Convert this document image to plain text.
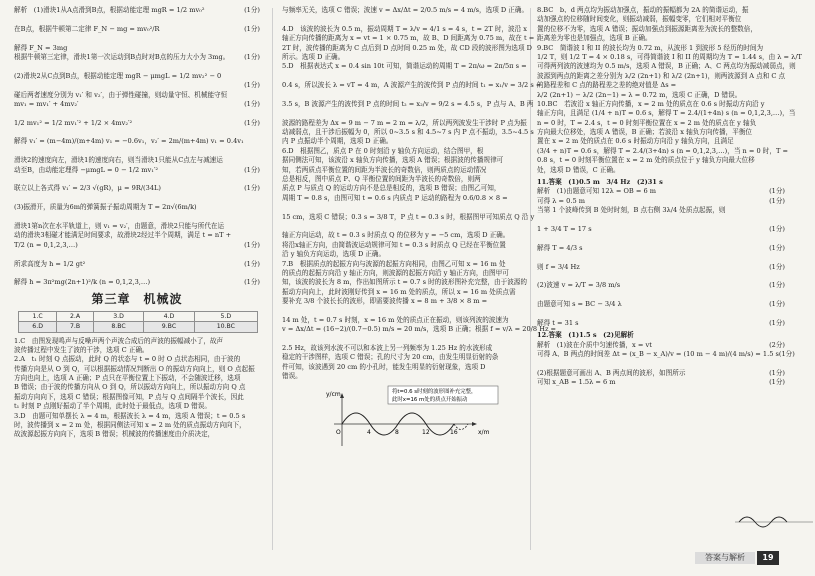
解析　(1)滑块1从A点滑到B点，根据动能定理 mgR = 1/2 mv₀²	(1分)
在B点，根据牛顿第二定律 F_N − mg = mv₀²/R	(1分)
解得 F_N = 3mg
根据牛顿第三定律，滑块1第一次运动到B点时对B点的压力大小为 3mg。 (1分)
(2)滑块2从C点到B点，根据动能定理 mgR − μmgL = 1/2 mv₂² − 0
(1分)
碰后两者速度分别为 v₁′ 和 v₂′，由于弹性碰撞，则动量守恒、机械能守恒
mv₁ = mv₁′ + 4mv₂′	(1分)
1/2 mv₁² = 1/2 mv₁′² + 1/2 × 4mv₂′²	(1分)
解得 v₁′ = (m−4m)/(m+4m) v₁ = −0.6v₁，v₂′ = 2m/(m+4m) v₁ = 0.4v₁
滑块2的速度向左，滑块1的速度向右，则当滑块1只能从C点左与减速运
动至B，由动能定理得 −μmgL = 0 − 1/2 mv₁′²	(1分)
联立以上各式得 v₁′ = 2/3 √(gR)，μ = 9R/(34L)	(1分)
(3)振滑开，质量为6m的弹簧振子振动周期为 T = 2π√(6m/k)
滑块1第n次在水平轨道上，则 v₁ = v₂′，由题意，滑块2只能与所代在运
动的滑块3相碰才能满足时间要求，故滑块2经过半个周期，满足 t = nT +
T/2 (n = 0,1,2,3,…)	(1分)
所求高度为 h = 1/2 gt²	(1分)
解得 h = 3π²mg(2n+1)²/k (n = 0,1,2,3,…)	(1分)
第三章　机械波
1.C	2.A	3.D	4.D	5.D
6.D	7.B	8.BC	9.BC	10.BC
1.C　由图发现鸣声与反噪声两个声波合成后的声波的振幅减小了，故声
波传播过程中发生了波的干涉，选项 C 正确。
2.A　t₁ 时刻 Q 点振动，此时 Q 的状态与 t = 0 时 O 点状态相同，由于波的
传播方向是从 O 到 Q，可以根据振动情况判断出 O 的振动方向向上，则 O 点起振
方向也向上，选项 A 正确；P 点只在平衡位置上下振动，不会随波迁移，选项
B 错误；由于波的传播方向从 O 到 Q，所以振动方向向上，所以振动方向 Q 点
振动方向向下，选项 C 错误；根据图像可知，P 点与 Q 点间隔半个波长，因此
t₁ 时刻 P 点刚好振动了半个周期，此时处于最低点，选项 D 错误。
3.D　由题可知单摆长 λ = 4 m，根据波长 λ = 4 m，选项 A 错误；t = 0.5 s
时，波传播到 x = 2 m 处，根据同侧法可知 x = 2 m 处的质点振动方向向下，
故波源起振方向向下，选项 B 错误；机械波的传播速度由介质决定，
与频率无关，选项 C 错误；波速 v = Δx/Δt = 2/0.5 m/s = 4 m/s，选项 D 正确。
4.D　该波的波长为 0.5 m，振动周期 T = λ/v = 4/1 s = 4 s，t = 2T 时，波沿 x
轴正方向传播的距离为 x = vt = 1 × 0.75 m，故 B、D 间距离为 0.75 m，故在 t =
2T 时，波传播的距离为 C 点后到 D 点时间 0.25 m 处，故 CD 段的波形图为选项 D
所示。选项 D 正确。
5.D　根据表达式 x = 0.4 sin 10t 可知，简谐运动的周期 T = 2π/ω = 2π/5π s =
0.4 s，所以波长 λ = vT = 4 m，A 波源产生的波传到 P 点的时间 t₁ = x₁/v = 3/2 s =
3.5 s，B 波源产生的波传到 P 点的时间 t₂ = x₂/v = 9/2 s = 4.5 s，P 点与 A、B 两
波源的路程差为 Δx = 9 m − 7 m = 2 m = λ/2，所以两列波发生干涉时 P 点为振
动减弱点，且干涉后振幅为 0，所以 0~3.5 s 和 4.5~7 s 内 P 点不振动，3.5~4.5 s
内 P 点振动半个周期，选项 D 正确。
6.D　根据图乙，质点 P 在 0 时刻沿 y 轴负方向运动，结合图甲，根
据同侧法可知，该波沿 x 轴负方向传播，选项 A 错误；根据波的传播规律可
知，若两质点平衡位置的间距为半波长的奇数倍，则两质点的运动情况
总是相反，图中质点 P、Q 平衡位置的间距为半波长的奇数倍，则两
质点 P 与质点 Q 的运动方向不是总是相反的，选项 B 错误；由图乙可知，
周期 T = 0.8 s，由图可知 t = 0.6 s 内质点 P 运动的路程为 0.6/0.8 × 8 =
15 cm，选项 C 错误；0.3 s = 3/8 T，P 点 t = 0.3 s 时，根据图甲可知质点 Q 沿 y
轴正方向运动，故 t = 0.3 s 时质点 Q 的位移为 y = −5 cm，选项 D 正确。
将沿x轴正方向，由简谐波运动规律可知 t = 0.3 s 时质点 Q 已经在平衡位置
沿 y 轴负方向运动，选项 D 正确。
7.B　根据质点的起振方向与波源的起振方向相同，由图乙可知 x = 16 m 处
的质点的起振方向沿 y 轴正方向，则波源的起振方向沿 y 轴正方向，由图甲可
知，该波的波长为 8 m，作出如图所示 t = 0.7 s 时的波形图补充完整，由于波源的
振动方向向上，此时波刚好传到 x = 16 m 处的质点，所以 x = 16 m 处质点需
要补充 3/8 个波长长的波形，即需要波传播 x = 8 m + 3/8 × 8 m =
14 m 处，t = 0.7 s 时刻，x = 16 m 处的质点正在振动，则该列波的波速为
v = Δx/Δt = (16−2)/(0.7−0.5) m/s = 20 m/s，选项 B 正确；根据 f = v/λ = 20/8 Hz =
2.5 Hz，故该列水波不可以和本波上另一列频率为 1.25 Hz 的水波形成
稳定的干涉图样，选项 C 错误；孔的尺寸为 20 cm，由发生明显衍射的条
件可知，该波遇到 20 cm 的小孔时，能发生明显的衍射现象，选项 D
错误。
y/cm
x/m
O	4	8	12	16
将t=0.6 s时刻的波形图补充完整，
此时x=16 m处的质点开始振动
8.BC　b、d 两点均为振动加强点，振动的振幅都为 2A 的简谐运动，振
动加强点的位移随时间变化，则振动减弱，振幅变零，它们相对平衡位
置的位移不为零，选项 A 错误；振动加强点到振源距离差为波长的整数倍，
距离差为零也是加强点，选项 B 正确。
9.BC　简谐波 I 和 II 的波长均为 0.72 m，从波形 1 到波形 5 经历的时间为
1/2 T，则 1/2 T = 4 × 0.18 s，可得简谐波 I 和 II 的周期均为 T = 1.44 s，由 λ = λ/T
可得两列波的波速均为 0.5 m/s，选项 A 错误，B 正确；A、C 两点均为振动减弱点，则
波源到两点的距离之差分别为 λ/2 (2n+1) 和 λ/2 (2n+1)，则两波源到 A 点和 C 点
的路程差和 C 点的路程差之差的绝对值是 Δs =
λ/2 (2n+1) − λ/2 (2n−1) = λ = 0.72 m，选项 C 正确，D 错误。
10.BC　若波沿 x 轴正方向传播，x = 2 m 处的质点在 0.6 s 时振动方向沿 y
轴正方向，且满足 (1/4 + n)T = 0.6 s，解得 T = 2.4/(1+4n) s (n = 0,1,2,3,…)，当
n = 0 时，T = 2.4 s，t = 0 时刻平衡位置在 x = 2 m 处的质点在 y 轴负
方向最大位移处，选项 A 错误，B 正确；若波沿 x 轴负方向传播，平衡位
置在 x = 2 m 处的质点在 0.6 s 时振动方向沿 y 轴负方向，且满足
(3/4 + n)T = 0.6 s，解得 T = 2.4/(3+4n) s (n = 0,1,2,3,…)，当 n = 0 时，T =
0.8 s，t = 0 时刻平衡位置在 x = 2 m 处的质点位于 y 轴负方向最大位移
处，选项 D 错误，C 正确。
11.答案　(1)0.5 m　3/4 Hz　(2)31 s
解析　(1)由题意可知 12λ = OB = 6 m	(1分)
可得 λ = 0.5 m	(1分)
当第 1 个波峰传到 B 处时时刻，B 点右侧 3λ/4 处质点起振，则
1 + 3/4 T = 17 s	(1分)
解得 T = 4/3 s	(1分)
则 f = 3/4 Hz	(1分)
(2)波速 v = λ/T = 3/8 m/s	(1分)
由题意可知 s = BC − 3/4 λ	(1分)
解得 t = 31 s	(1分)
12.答案　(1)1.5 s　(2)见解析
解析　(1)波在介质中匀速传播，x = vt	(2分)
可得 A、B 两点的时间差 Δt = (x_B − x_A)/v = (10 m − 4 m)/(4 m/s) = 1.5 s (1分)
(2)根据题意可画出 A、B 两点间的波形，如图所示	(1分)
可知 x_AB = 1.5λ = 6 m	(1分)
答案与解析	19
